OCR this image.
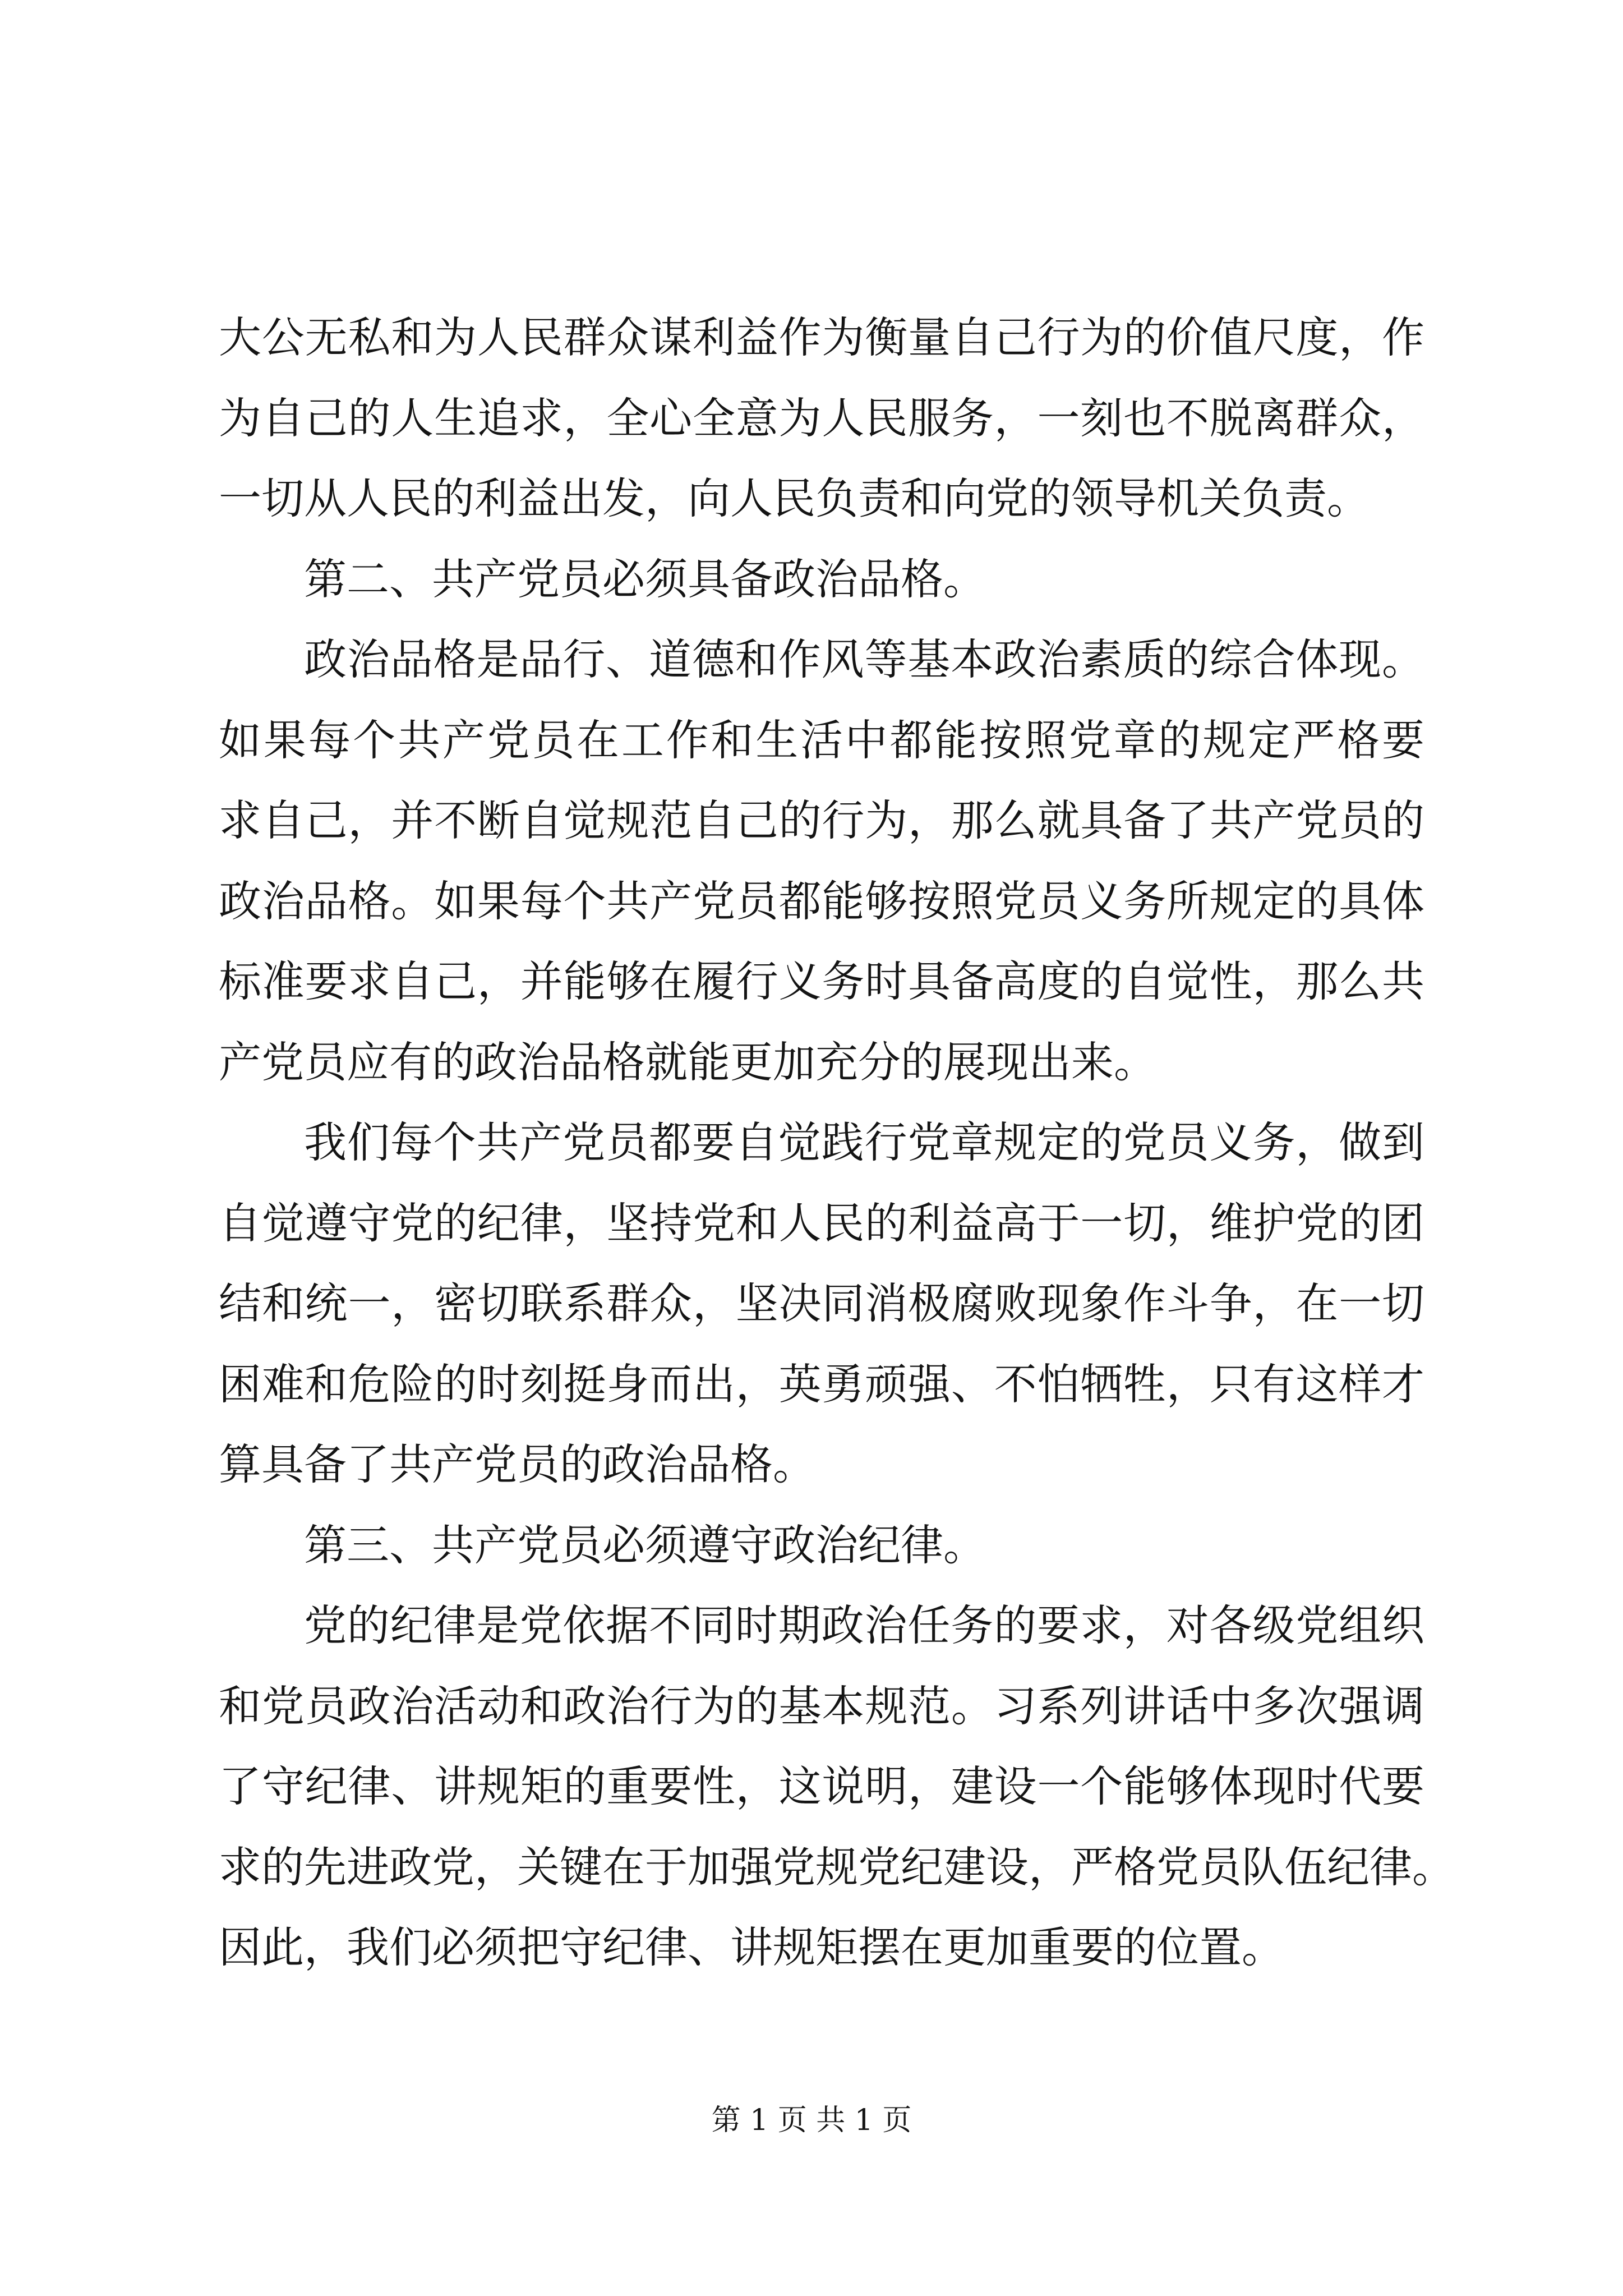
大公无私和为人民群众谋利益作为衡量自己行为的价值尺度，作
为自己的人生追求，全心全意为人民服务，一刻也不脱离群众，
一切从人民的利益出发，向人民负责和向党的领导机关负责。
第二、共产党员必须具备政治品格。
政治品格是品行、道德和作风等基本政治素质的综合体现。
如果每个共产党员在工作和生活中都能按照党章的规定严格要
求自己，并不断自觉规范自己的行为，那么就具备了共产党员的
政治品格。如果每个共产党员都能够按照党员义务所规定的具体
标准要求自己，并能够在履行义务时具备高度的自觉性，那么共
产党员应有的政治品格就能更加充分的展现出来。
我们每个共产党员都要自觉践行党章规定的党员义务，做到
自觉遵守党的纪律，坚持党和人民的利益高于一切，维护党的团
结和统一，密切联系群众，坚决同消极腐败现象作斗争，在一切
困难和危险的时刻挺身而出，英勇顽强、不怕牺牲，只有这样才
算具备了共产党员的政治品格。
第三、共产党员必须遵守政治纪律。
党的纪律是党依据不同时期政治任务的要求，对各级党组织
和党员政治活动和政治行为的基本规范。习系列讲话中多次强调
了守纪律、讲规矩的重要性，这说明，建设一个能够体现时代要
求的先进政党，关键在于加强党规党纪建设，严格党员队伍纪律。
因此，我们必须把守纪律、讲规矩摆在更加重要的位置。
第 1 页 共 1 页
